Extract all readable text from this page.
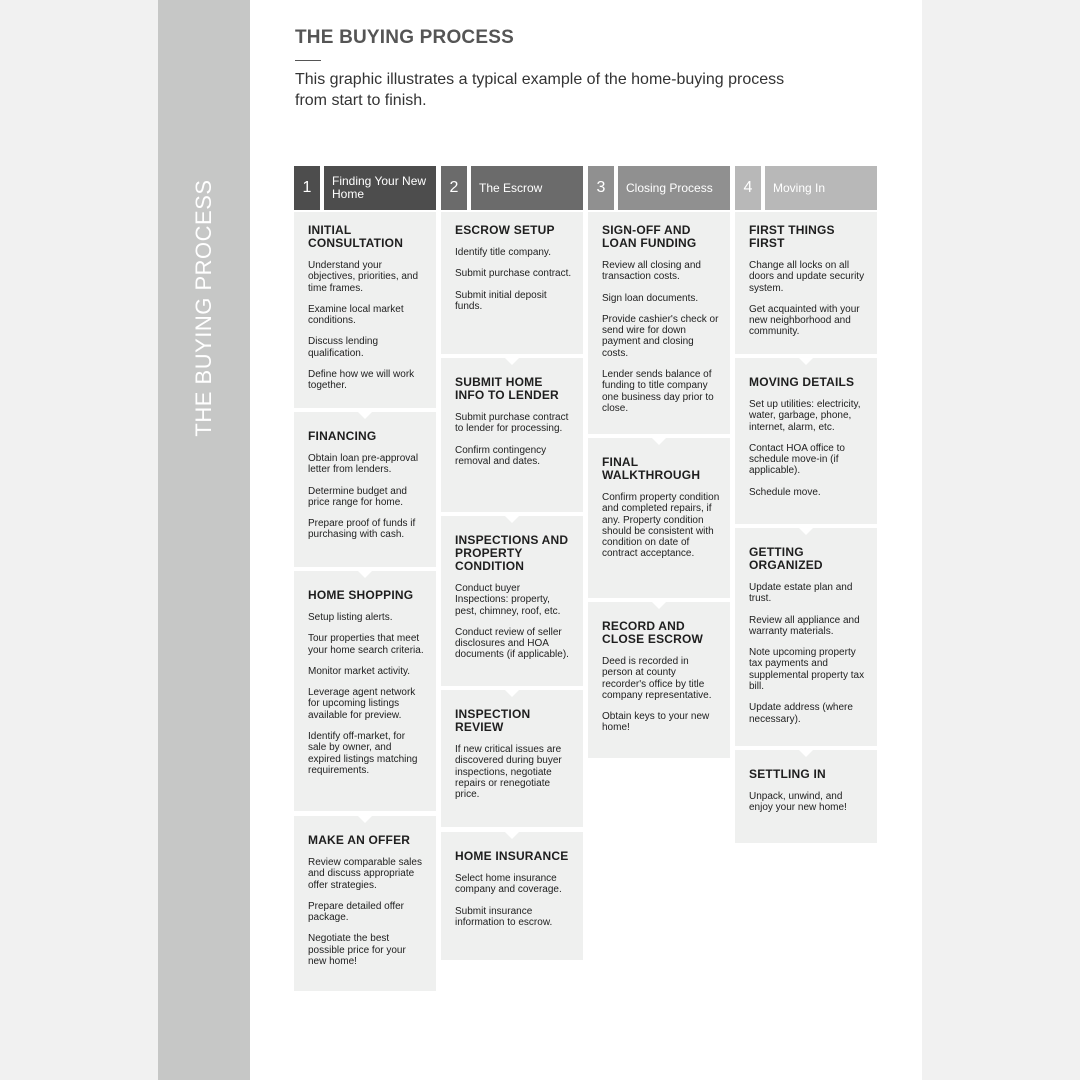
THE BUYING PROCESS
THE BUYING PROCESS

This graphic illustrates a typical example of the home-buying process from start to finish.

1	Finding Your New Home
INITIAL CONSULTATION

Understand your objectives, priorities, and time frames.

Examine local market conditions.

Discuss lending qualification.

Define how we will work together.

FINANCING

Obtain loan pre-approval letter from lenders.

Determine budget and price range for home.

Prepare proof of funds if purchasing with cash.

HOME SHOPPING

Setup listing alerts.

Tour properties that meet your home search criteria.

Monitor market activity.

Leverage agent network for upcoming listings available for preview.

Identify off-market, for sale by owner, and expired listings matching requirements.

MAKE AN OFFER

Review comparable sales and discuss appropriate offer strategies.

Prepare detailed offer package.

Negotiate the best possible price for your new home!

2	The Escrow
ESCROW SETUP

Identify title company.

Submit purchase contract.

Submit initial deposit funds.

SUBMIT HOME INFO TO LENDER

Submit purchase contract to lender for processing.

Confirm contingency removal and dates.

INSPECTIONS AND PROPERTY CONDITION

Conduct buyer Inspections: property, pest, chimney, roof, etc.

Conduct review of seller disclosures and HOA documents (if applicable).

INSPECTION REVIEW

If new critical issues are discovered during buyer inspections, negotiate repairs or renegotiate price.

HOME INSURANCE

Select home insurance company and coverage.

Submit insurance information to escrow.

3	Closing Process
SIGN-OFF AND LOAN FUNDING

Review all closing and transaction costs.

Sign loan documents.

Provide cashier's check or send wire for down payment and closing costs.

Lender sends balance of funding to title company one business day prior to close.

FINAL WALKTHROUGH

Confirm property condition and completed repairs, if any. Property condition should be consistent with condition on date of contract acceptance.

RECORD AND CLOSE ESCROW

Deed is recorded in person at county recorder's office by title company representative.

Obtain keys to your new home!

4	Moving In
FIRST THINGS FIRST

Change all locks on all doors and update security system.

Get acquainted with your new neighborhood and community.

MOVING DETAILS

Set up utilities: electricity, water, garbage, phone, internet, alarm, etc.

Contact HOA office to schedule move-in (if applicable).

Schedule move.

GETTING ORGANIZED

Update estate plan and trust.

Review all appliance and warranty materials.

Note upcoming property tax payments and supplemental property tax bill.

Update address (where necessary).

SETTLING IN

Unpack, unwind, and enjoy your new home!
